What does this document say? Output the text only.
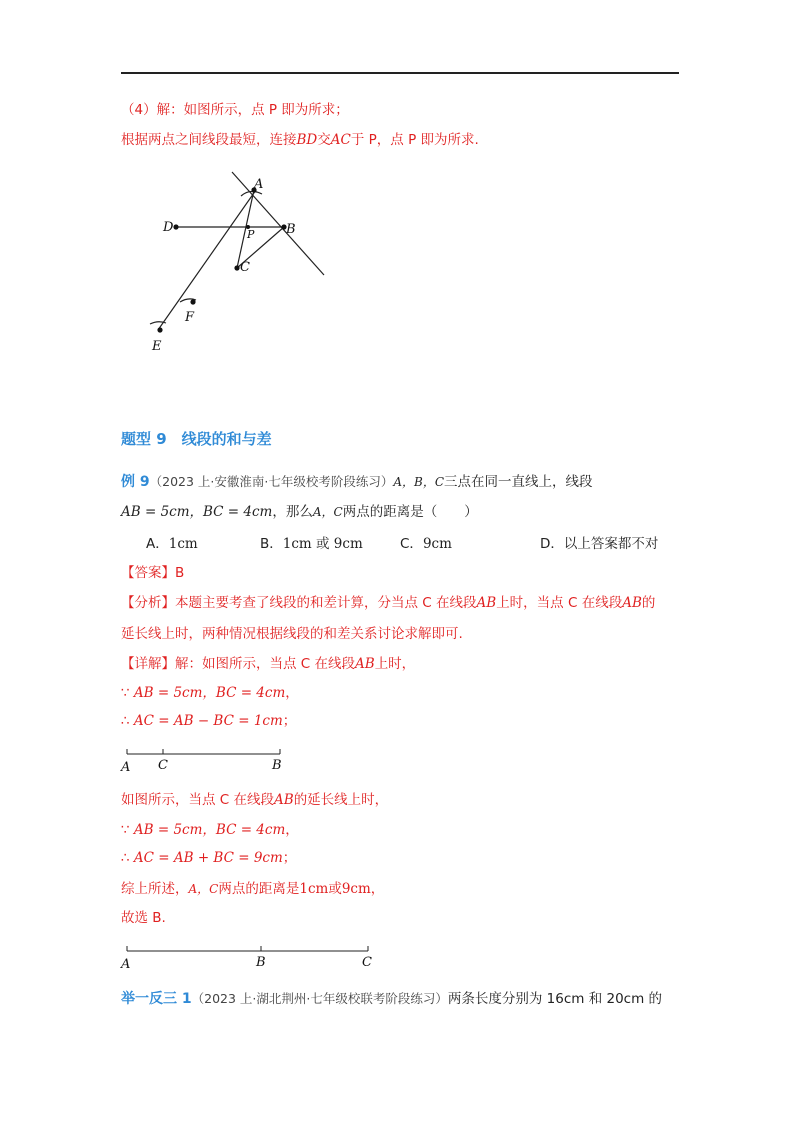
（4）解：如图所示，点 P 即为所求；
根据两点之间线段最短，连接BD交AC于 P，点 P 即为所求.
A
B
C
D
E
F
P
题型 9　线段的和与差
例 9（2023 上·安徽淮南·七年级校考阶段练习）A，B，C三点在同一直线上，线段
AB = 5cm，BC = 4cm，那么A，C两点的距离是（　　）
A．1cm	B．1cm 或 9cm	C．9cm	D．以上答案都不对
【答案】B
【分析】本题主要考查了线段的和差计算，分当点 C 在线段AB上时，当点 C 在线段AB的
延长线上时，两种情况根据线段的和差关系讨论求解即可.
【详解】解：如图所示，当点 C 在线段AB上时，
∵ AB = 5cm，BC = 4cm，
∴ AC = AB − BC = 1cm；
A C	B
如图所示，当点 C 在线段AB的延长线上时，
∵ AB = 5cm，BC = 4cm，
∴ AC = AB + BC = 9cm；
综上所述，A，C两点的距离是1cm或9cm，
故选 B.
A	B	C
举一反三 1（2023 上·湖北荆州·七年级校联考阶段练习）两条长度分别为 16cm 和 20cm 的
